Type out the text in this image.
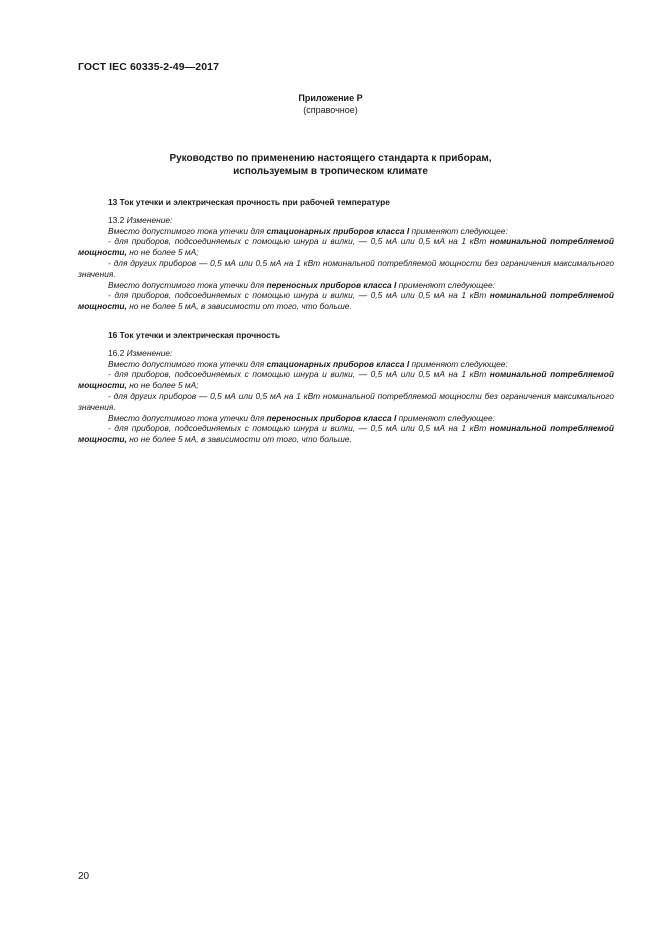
ГОСТ IEC 60335-2-49—2017
Приложение Р
(справочное)
Руководство по применению настоящего стандарта к приборам,
используемым в тропическом климате
13 Ток утечки и электрическая прочность при рабочей температуре
13.2 Изменение:
Вместо допустимого тока утечки для стационарных приборов класса I применяют следующее:
- для приборов, подсоединяемых с помощью шнура и вилки, — 0,5 мА или 0,5 мА на 1 кВт номинальной потребляемой мощности, но не более 5 мА;
- для других приборов — 0,5 мА или 0,5 мА на 1 кВт номинальной потребляемой мощности без ограничения максимального значения.
Вместо допустимого тока утечки для переносных приборов класса I применяют следующее:
- для приборов, подсоединяемых с помощью шнура и вилки, — 0,5 мА или 0,5 мА на 1 кВт номинальной потребляемой мощности, но не более 5 мА, в зависимости от того, что больше.
16 Ток утечки и электрическая прочность
16.2 Изменение:
Вместо допустимого тока утечки для стационарных приборов класса I применяют следующее:
- для приборов, подсоединяемых с помощью шнура и вилки, — 0,5 мА или 0,5 мА на 1 кВт номинальной потребляемой мощности, но не более 5 мА;
- для других приборов — 0,5 мА или 0,5 мА на 1 кВт номинальной потребляемой мощности без ограничения максимального значения.
Вместо допустимого тока утечки для переносных приборов класса I применяют следующее:
- для приборов, подсоединяемых с помощью шнура и вилки, — 0,5 мА или 0,5 мА на 1 кВт номинальной потребляемой мощности, но не более 5 мА, в зависимости от того, что больше.
20
